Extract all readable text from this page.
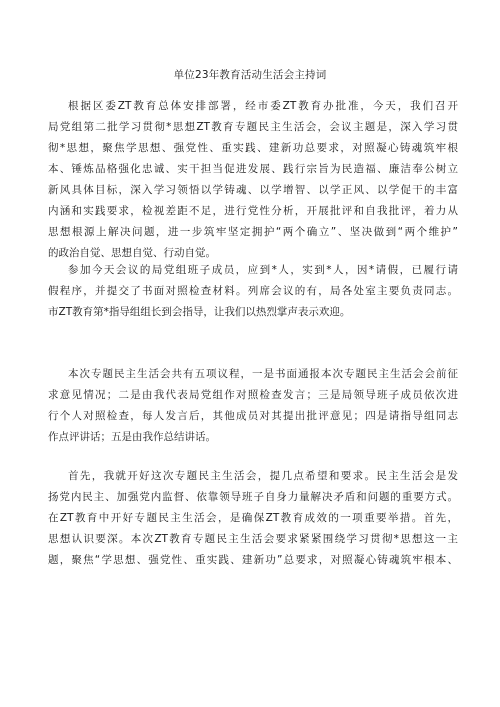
单位23年教育活动生活会主持词
根据区委ZT教育总体安排部署，经市委ZT教育办批准，今天，我们召开
局党组第二批学习贯彻*思想ZT教育专题民主生活会，会议主题是，深入学习贯
彻*思想，聚焦学思想、强党性、重实践、建新功总要求，对照凝心铸魂筑牢根
本、锤炼品格强化忠诚、实干担当促进发展、践行宗旨为民造福、廉洁奉公树立
新风具体目标，深入学习领悟以学铸魂、以学增智、以学正风、以学促干的丰富
内涵和实践要求，检视差距不足，进行党性分析，开展批评和自我批评，着力从
思想根源上解决问题，进一步筑牢坚定拥护“两个确立”、坚决做到“两个维护”
的政治自觉、思想自觉、行动自觉。
参加今天会议的局党组班子成员，应到*人，实到*人，因*请假，已履行请
假程序，并提交了书面对照检查材料。列席会议的有，局各处室主要负责同志。
市ZT教育第*指导组组长到会指导，让我们以热烈掌声表示欢迎。
本次专题民主生活会共有五项议程，一是书面通报本次专题民主生活会会前征
求意见情况；二是由我代表局党组作对照检查发言；三是局领导班子成员依次进
行个人对照检查，每人发言后，其他成员对其提出批评意见；四是请指导组同志
作点评讲话；五是由我作总结讲话。
首先，我就开好这次专题民主生活会，提几点希望和要求。民主生活会是发
扬党内民主、加强党内监督、依靠领导班子自身力量解决矛盾和问题的重要方式。
在ZT教育中开好专题民主生活会，是确保ZT教育成效的一项重要举措。首先，
思想认识要深。本次ZT教育专题民主生活会要求紧紧围绕学习贯彻*思想这一主
题，聚焦“学思想、强党性、重实践、建新功”总要求，对照凝心铸魂筑牢根本、
